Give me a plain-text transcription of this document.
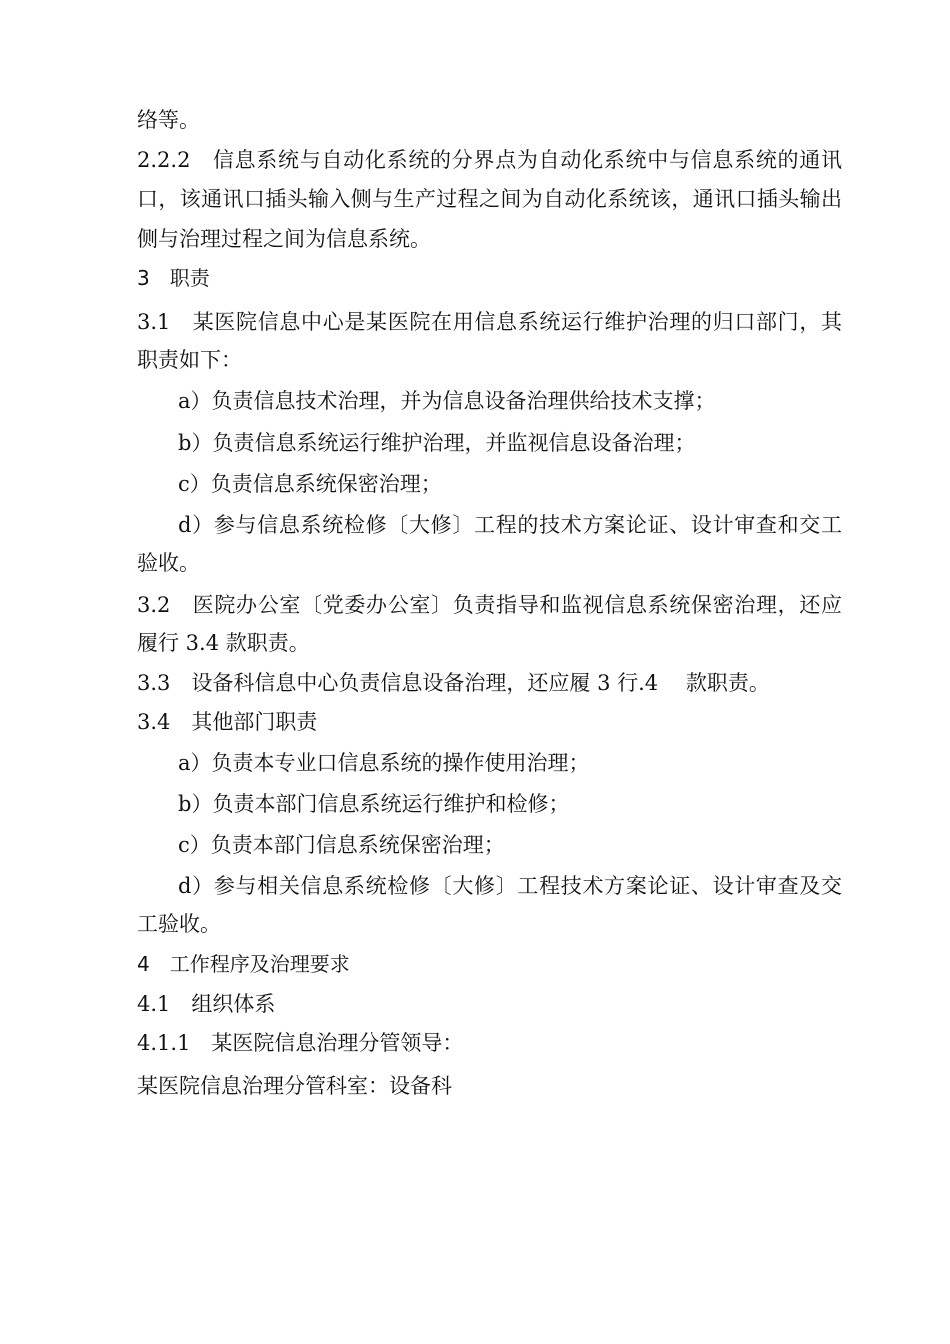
络等。
2.2.2　信息系统与自动化系统的分界点为自动化系统中与信息系统的通讯
口，该通讯口插头输入侧与生产过程之间为自动化系统该，通讯口插头输出
侧与治理过程之间为信息系统。
3　职责
3.1　某医院信息中心是某医院在用信息系统运行维护治理的归口部门，其
职责如下：
a）负责信息技术治理，并为信息设备治理供给技术支撑；
b）负责信息系统运行维护治理，并监视信息设备治理；
c）负责信息系统保密治理；
d）参与信息系统检修〔大修〕工程的技术方案论证、设计审查和交工
验收。
3.2　医院办公室〔党委办公室〕负责指导和监视信息系统保密治理，还应
履行 3.4 款职责。
3.3　设备科信息中心负责信息设备治理，还应履 3 行.4　 款职责。
3.4　其他部门职责
a）负责本专业口信息系统的操作使用治理；
b）负责本部门信息系统运行维护和检修；
c）负责本部门信息系统保密治理；
d）参与相关信息系统检修〔大修〕工程技术方案论证、设计审查及交
工验收。
4　工作程序及治理要求
4.1　组织体系
4.1.1　某医院信息治理分管领导：
某医院信息治理分管科室：设备科
